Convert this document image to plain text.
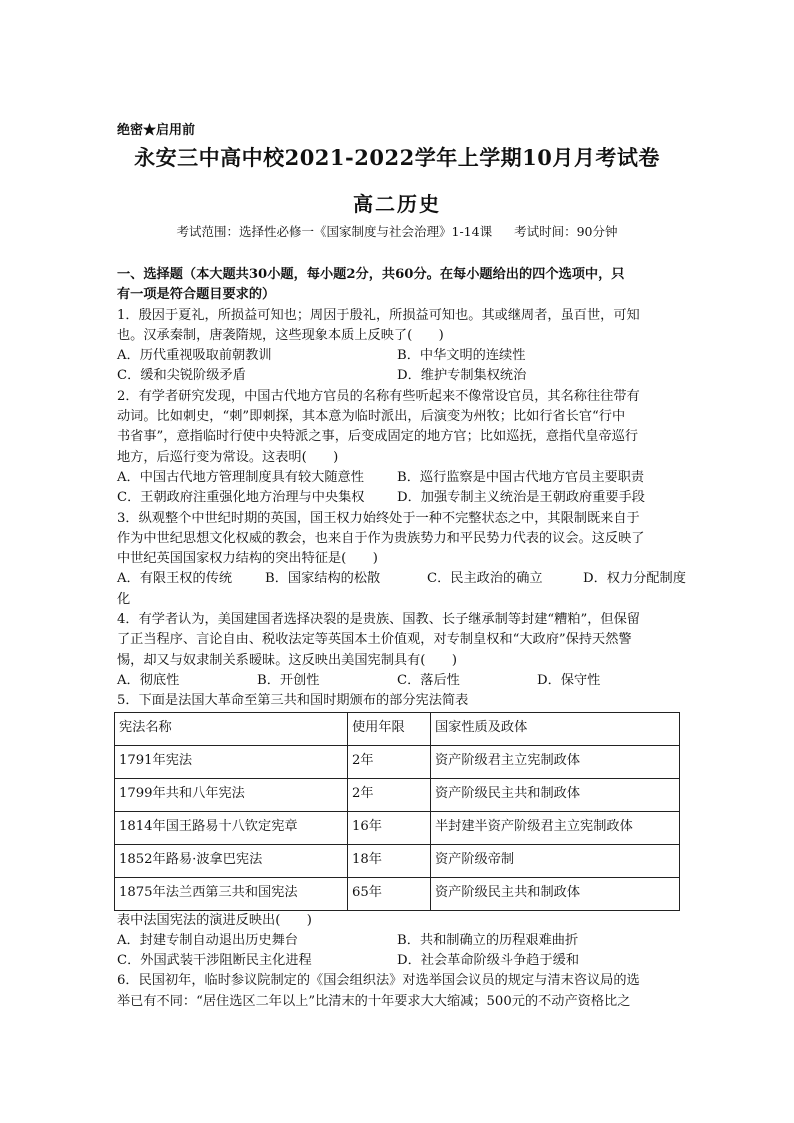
绝密★启用前
永安三中高中校2021-2022学年上学期10月月考试卷
高二历史
考试范围：选择性必修一《国家制度与社会治理》1-14课 考试时间：90分钟
一、选择题（本大题共30小题，每小题2分，共60分。在每小题给出的四个选项中，只
有一项是符合题目要求的）
1．殷因于夏礼，所损益可知也；周因于殷礼，所损益可知也。其或继周者，虽百世，可知
也。汉承秦制，唐袭隋规，这些现象本质上反映了(　　)
A．历代重视吸取前朝教训	B．中华文明的连续性
C．缓和尖锐阶级矛盾	D．维护专制集权统治
2．有学者研究发现，中国古代地方官员的名称有些听起来不像常设官员，其名称往往带有
动词。比如刺史，“刺”即刺探，其本意为临时派出，后演变为州牧；比如行省长官“行中
书省事”，意指临时行使中央特派之事，后变成固定的地方官；比如巡抚，意指代皇帝巡行
地方，后巡行变为常设。这表明(　　)
A．中国古代地方管理制度具有较大随意性	B．巡行监察是中国古代地方官员主要职责
C．王朝政府注重强化地方治理与中央集权	D．加强专制主义统治是王朝政府重要手段
3．纵观整个中世纪时期的英国，国王权力始终处于一种不完整状态之中，其限制既来自于
作为中世纪思想文化权威的教会，也来自于作为贵族势力和平民势力代表的议会。这反映了
中世纪英国国家权力结构的突出特征是(　　)
A．有限王权的传统	B．国家结构的松散	C．民主政治的确立	D．权力分配制度
化
4．有学者认为，美国建国者选择决裂的是贵族、国教、长子继承制等封建“糟粕”，但保留
了正当程序、言论自由、税收法定等英国本土价值观，对专制皇权和“大政府”保持天然警
惕，却又与奴隶制关系暧昧。这反映出美国宪制具有(　　)
A．彻底性	B．开创性	C．落后性	D．保守性
5．下面是法国大革命至第三共和国时期颁布的部分宪法简表
宪法名称	使用年限	国家性质及政体
1791年宪法	2年	资产阶级君主立宪制政体
1799年共和八年宪法	2年	资产阶级民主共和制政体
1814年国王路易十八钦定宪章	16年	半封建半资产阶级君主立宪制政体
1852年路易·波拿巴宪法	18年	资产阶级帝制
1875年法兰西第三共和国宪法	65年	资产阶级民主共和制政体
表中法国宪法的演进反映出(　　)
A．封建专制自动退出历史舞台	B．共和制确立的历程艰难曲折
C．外国武装干涉阻断民主化进程	D．社会革命阶级斗争趋于缓和
6．民国初年，临时参议院制定的《国会组织法》对选举国会议员的规定与清末咨议局的选
举已有不同：“居住选区二年以上”比清末的十年要求大大缩减；500元的不动产资格比之
